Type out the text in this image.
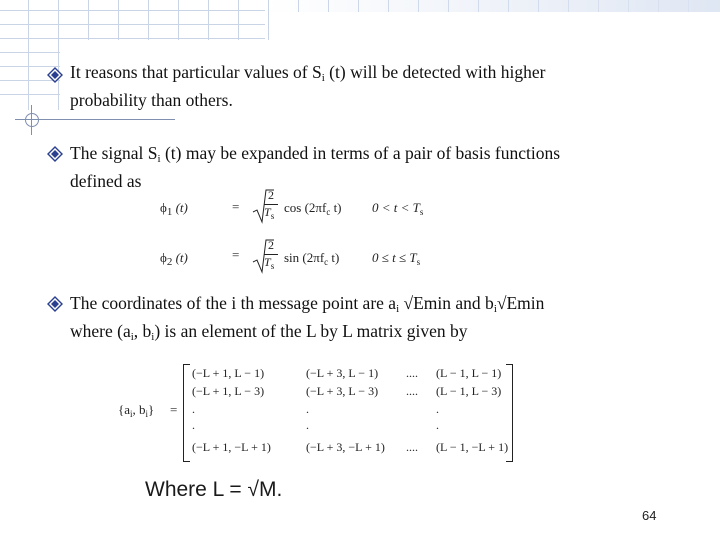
It reasons that particular values of $S_i$ (t) will be detected with higher
probability than others.
The signal $S_i$ (t) may be expanded in terms of a pair of basis functions
defined as
$\phi_1$ (t)	=
2
$T_s$
$\cos (2\pi f_c$ t) $0 < t < T_s$
$\phi_2$ (t)	=
2
$T_s$
$\sin (2\pi f_c$ t)	$0 \le t \le T_s$
The coordinates of the i th message point are $a_i$ √Emin and $b_i√Emin$
where ($a_i$, $b_i$) is an element of the L by L matrix given by
{$a_i$, $b_i$} =
(−L + 1, L − 1)	(−L + 3, L − 1) .... (L − 1, L − 1)
(−L + 1, L − 3)	(−L + 3, L − 3) .... (L − 1, L − 3)
.	.	.
.	.	.
(−L + 1, −L + 1)	(−L + 3, −L + 1) .... (L − 1, −L + 1)
Where L = √M.
64
